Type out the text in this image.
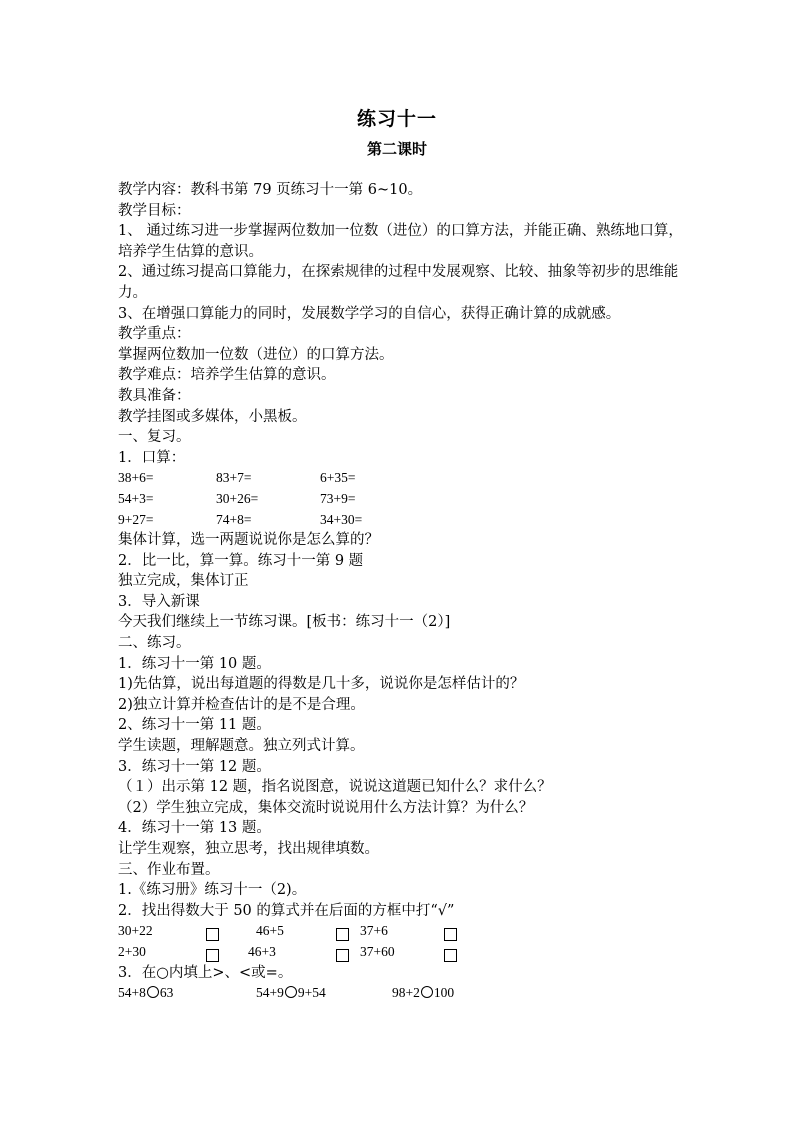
练习十一
第二课时
教学内容：教科书第 79 页练习十一第 6~10。
教学目标：
1、 通过练习进一步掌握两位数加一位数（进位）的口算方法，并能正确、熟练地口算，培养学生估算的意识。
2、通过练习提高口算能力，在探索规律的过程中发展观察、比较、抽象等初步的思维能力。
3、在增强口算能力的同时，发展数学学习的自信心，获得正确计算的成就感。
教学重点：
掌握两位数加一位数（进位）的口算方法。
教学难点：培养学生估算的意识。
教具准备：
教学挂图或多媒体，小黑板。
一、复习。
1．口算：
38+6=	83+7=	6+35=
54+3=	30+26=	73+9=
9+27=	74+8=	34+30=
集体计算，选一两题说说你是怎么算的？
2．比一比，算一算。练习十一第 9 题
独立完成，集体订正
3．导入新课
今天我们继续上一节练习课。[板书：练习十一（2）]
二、练习。
1．练习十一第 10 题。
1)先估算，说出每道题的得数是几十多，说说你是怎样估计的？
2)独立计算并检查估计的是不是合理。
2、练习十一第 11 题。
学生读题，理解题意。独立列式计算。
3．练习十一第 12 题。
（１）出示第 12 题，指名说图意，说说这道题已知什么？求什么？
（2）学生独立完成，集体交流时说说用什么方法计算？为什么？
4．练习十一第 13 题。
让学生观察，独立思考，找出规律填数。
三、作业布置。
1.《练习册》练习十一（2)。
2．找出得数大于 50 的算式并在后面的方框中打“√”
30+22	46+5	37+6
2+30	46+3	37+60
3．在○内填上>、<或=。
54+8 63	54+9 9+54	98+2 100
